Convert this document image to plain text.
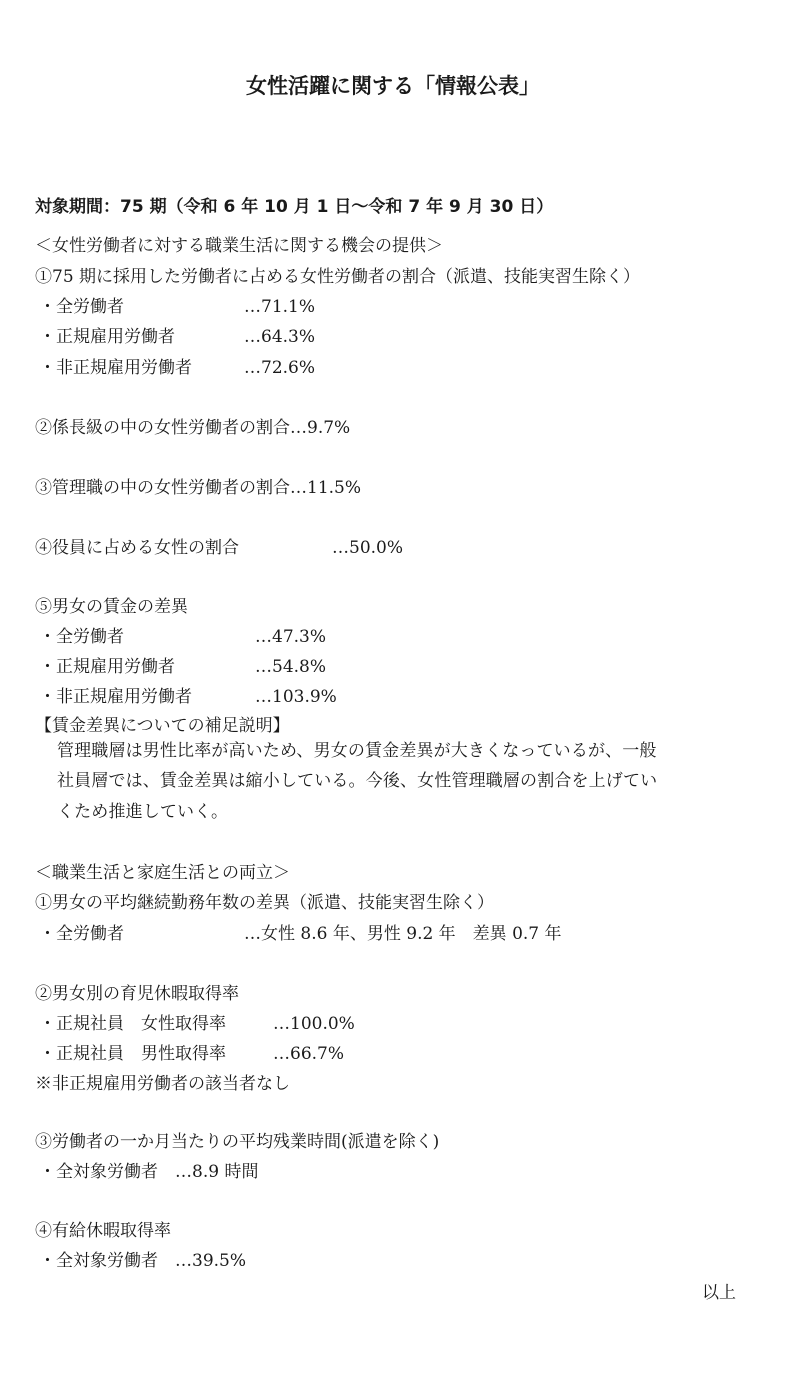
女性活躍に関する「情報公表」
対象期間：75 期（令和 6 年 10 月 1 日〜令和 7 年 9 月 30 日）
＜女性労働者に対する職業生活に関する機会の提供＞
①75 期に採用した労働者に占める女性労働者の割合（派遣、技能実習生除く）
・全労働者	…71.1%
・正規雇用労働者	…64.3%
・非正規雇用労働者	…72.6%
②係長級の中の女性労働者の割合…9.7%
③管理職の中の女性労働者の割合…11.5%
④役員に占める女性の割合	…50.0%
⑤男女の賃金の差異
・全労働者	…47.3%
・正規雇用労働者	…54.8%
・非正規雇用労働者	…103.9%
【賃金差異についての補足説明】
管理職層は男性比率が高いため、男女の賃金差異が大きくなっているが、一般
社員層では、賃金差異は縮小している。今後、女性管理職層の割合を上げてい
くため推進していく。
＜職業生活と家庭生活との両立＞
①男女の平均継続勤務年数の差異（派遣、技能実習生除く）
・全労働者	…女性 8.6 年、男性 9.2 年　差異 0.7 年
②男女別の育児休暇取得率
・正規社員　女性取得率	…100.0%
・正規社員　男性取得率	…66.7%
※非正規雇用労働者の該当者なし
③労働者の一か月当たりの平均残業時間(派遣を除く)
・全対象労働者　…8.9 時間
④有給休暇取得率
・全対象労働者　…39.5%
以上
